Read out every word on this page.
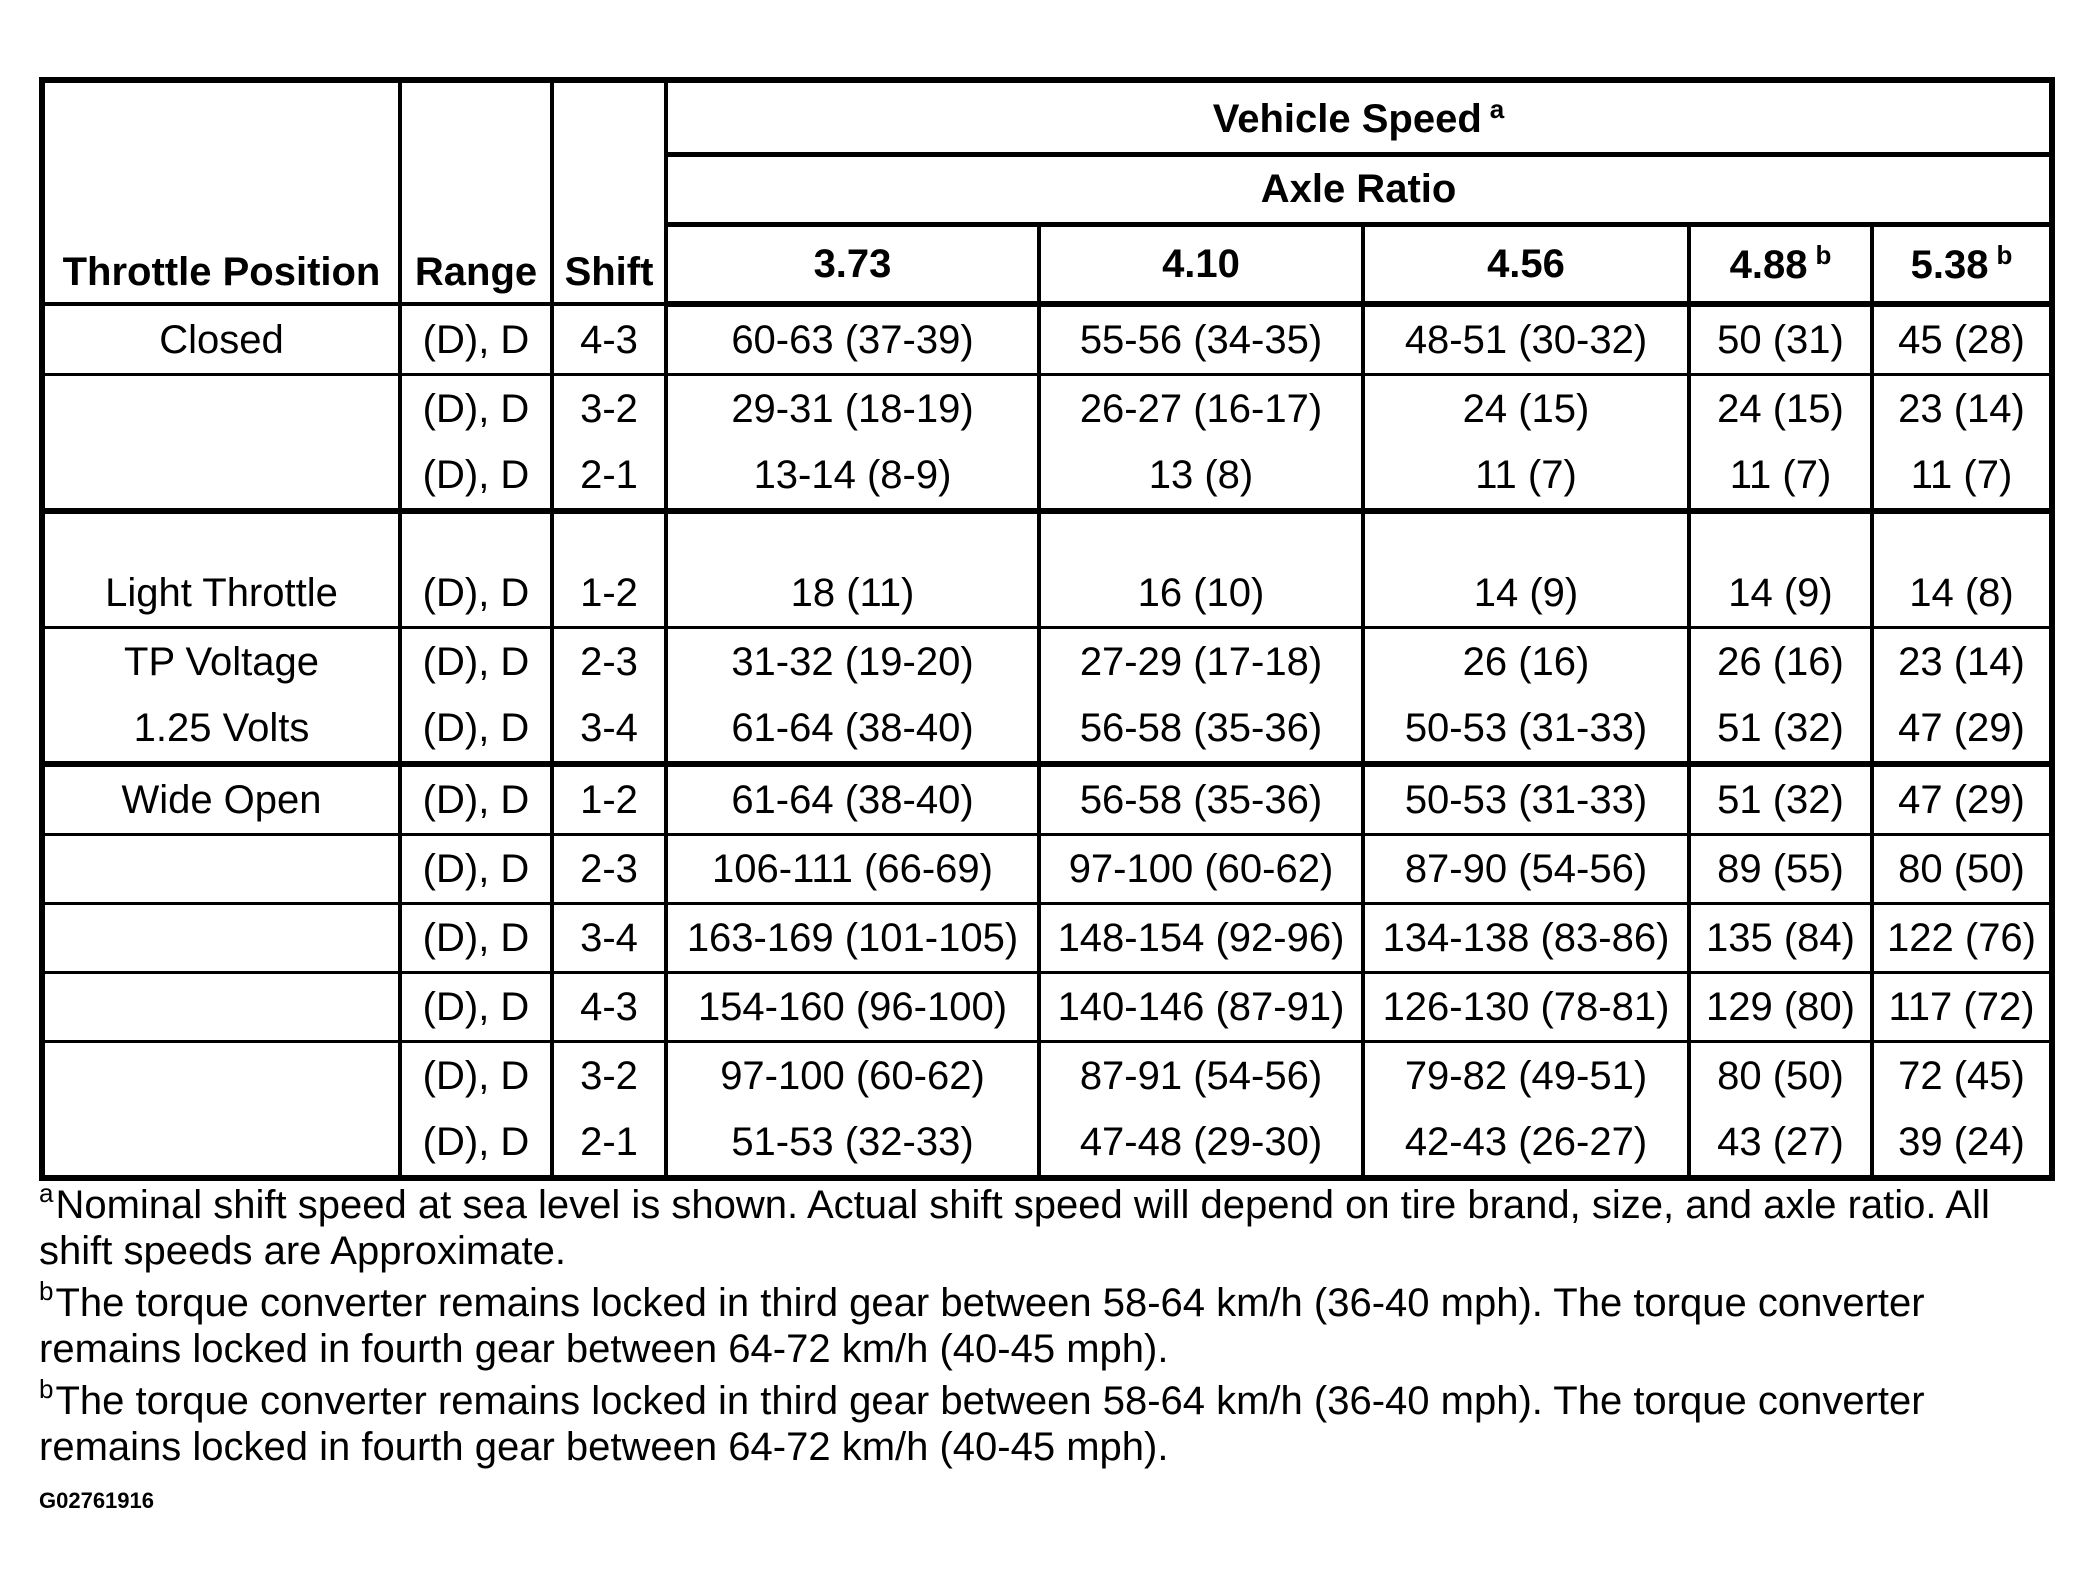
Throttle Position	Range	Shift	Vehicle Speed $^a$
			Axle Ratio				
			3.73	4.10	4.56	4.88 $^b$	5.38 $^b$
Closed	(D), D	4-3	60-63 (37-39)	55-56 (34-35)	48-51 (30-32)	50 (31)	45 (28)
	(D), D	3-2	29-31 (18-19)	26-27 (16-17)	24 (15)	24 (15)	23 (14)
	(D), D	2-1	13-14 (8-9)	13 (8)	11 (7)	11 (7)	11 (7)

Light Throttle	(D), D	1-2	18 (11)	16 (10)	14 (9)	14 (9)	14 (8)
TP Voltage	(D), D	2-3	31-32 (19-20)	27-29 (17-18)	26 (16)	26 (16)	23 (14)
1.25 Volts	(D), D	3-4	61-64 (38-40)	56-58 (35-36)	50-53 (31-33)	51 (32)	47 (29)
Wide Open	(D), D	1-2	61-64 (38-40)	56-58 (35-36)	50-53 (31-33)	51 (32)	47 (29)
	(D), D	2-3	106-111 (66-69)	97-100 (60-62)	87-90 (54-56)	89 (55)	80 (50)
	(D), D	3-4	163-169 (101-105)	148-154 (92-96)	134-138 (83-86)	135 (84)	122 (76)
	(D), D	4-3	154-160 (96-100)	140-146 (87-91)	126-130 (78-81)	129 (80)	117 (72)
	(D), D	3-2	97-100 (60-62)	87-91 (54-56)	79-82 (49-51)	80 (50)	72 (45)
	(D), D	2-1	51-53 (32-33)	47-48 (29-30)	42-43 (26-27)	43 (27)	39 (24)

$^a$Nominal shift speed at sea level is shown. Actual shift speed will depend on tire brand, size, and axle ratio. All shift speeds are Approximate.

$^b$The torque converter remains locked in third gear between 58-64 km/h (36-40 mph). The torque converter remains locked in fourth gear between 64-72 km/h (40-45 mph).

$^b$The torque converter remains locked in third gear between 58-64 km/h (36-40 mph). The torque converter remains locked in fourth gear between 64-72 km/h (40-45 mph).

G02761916
